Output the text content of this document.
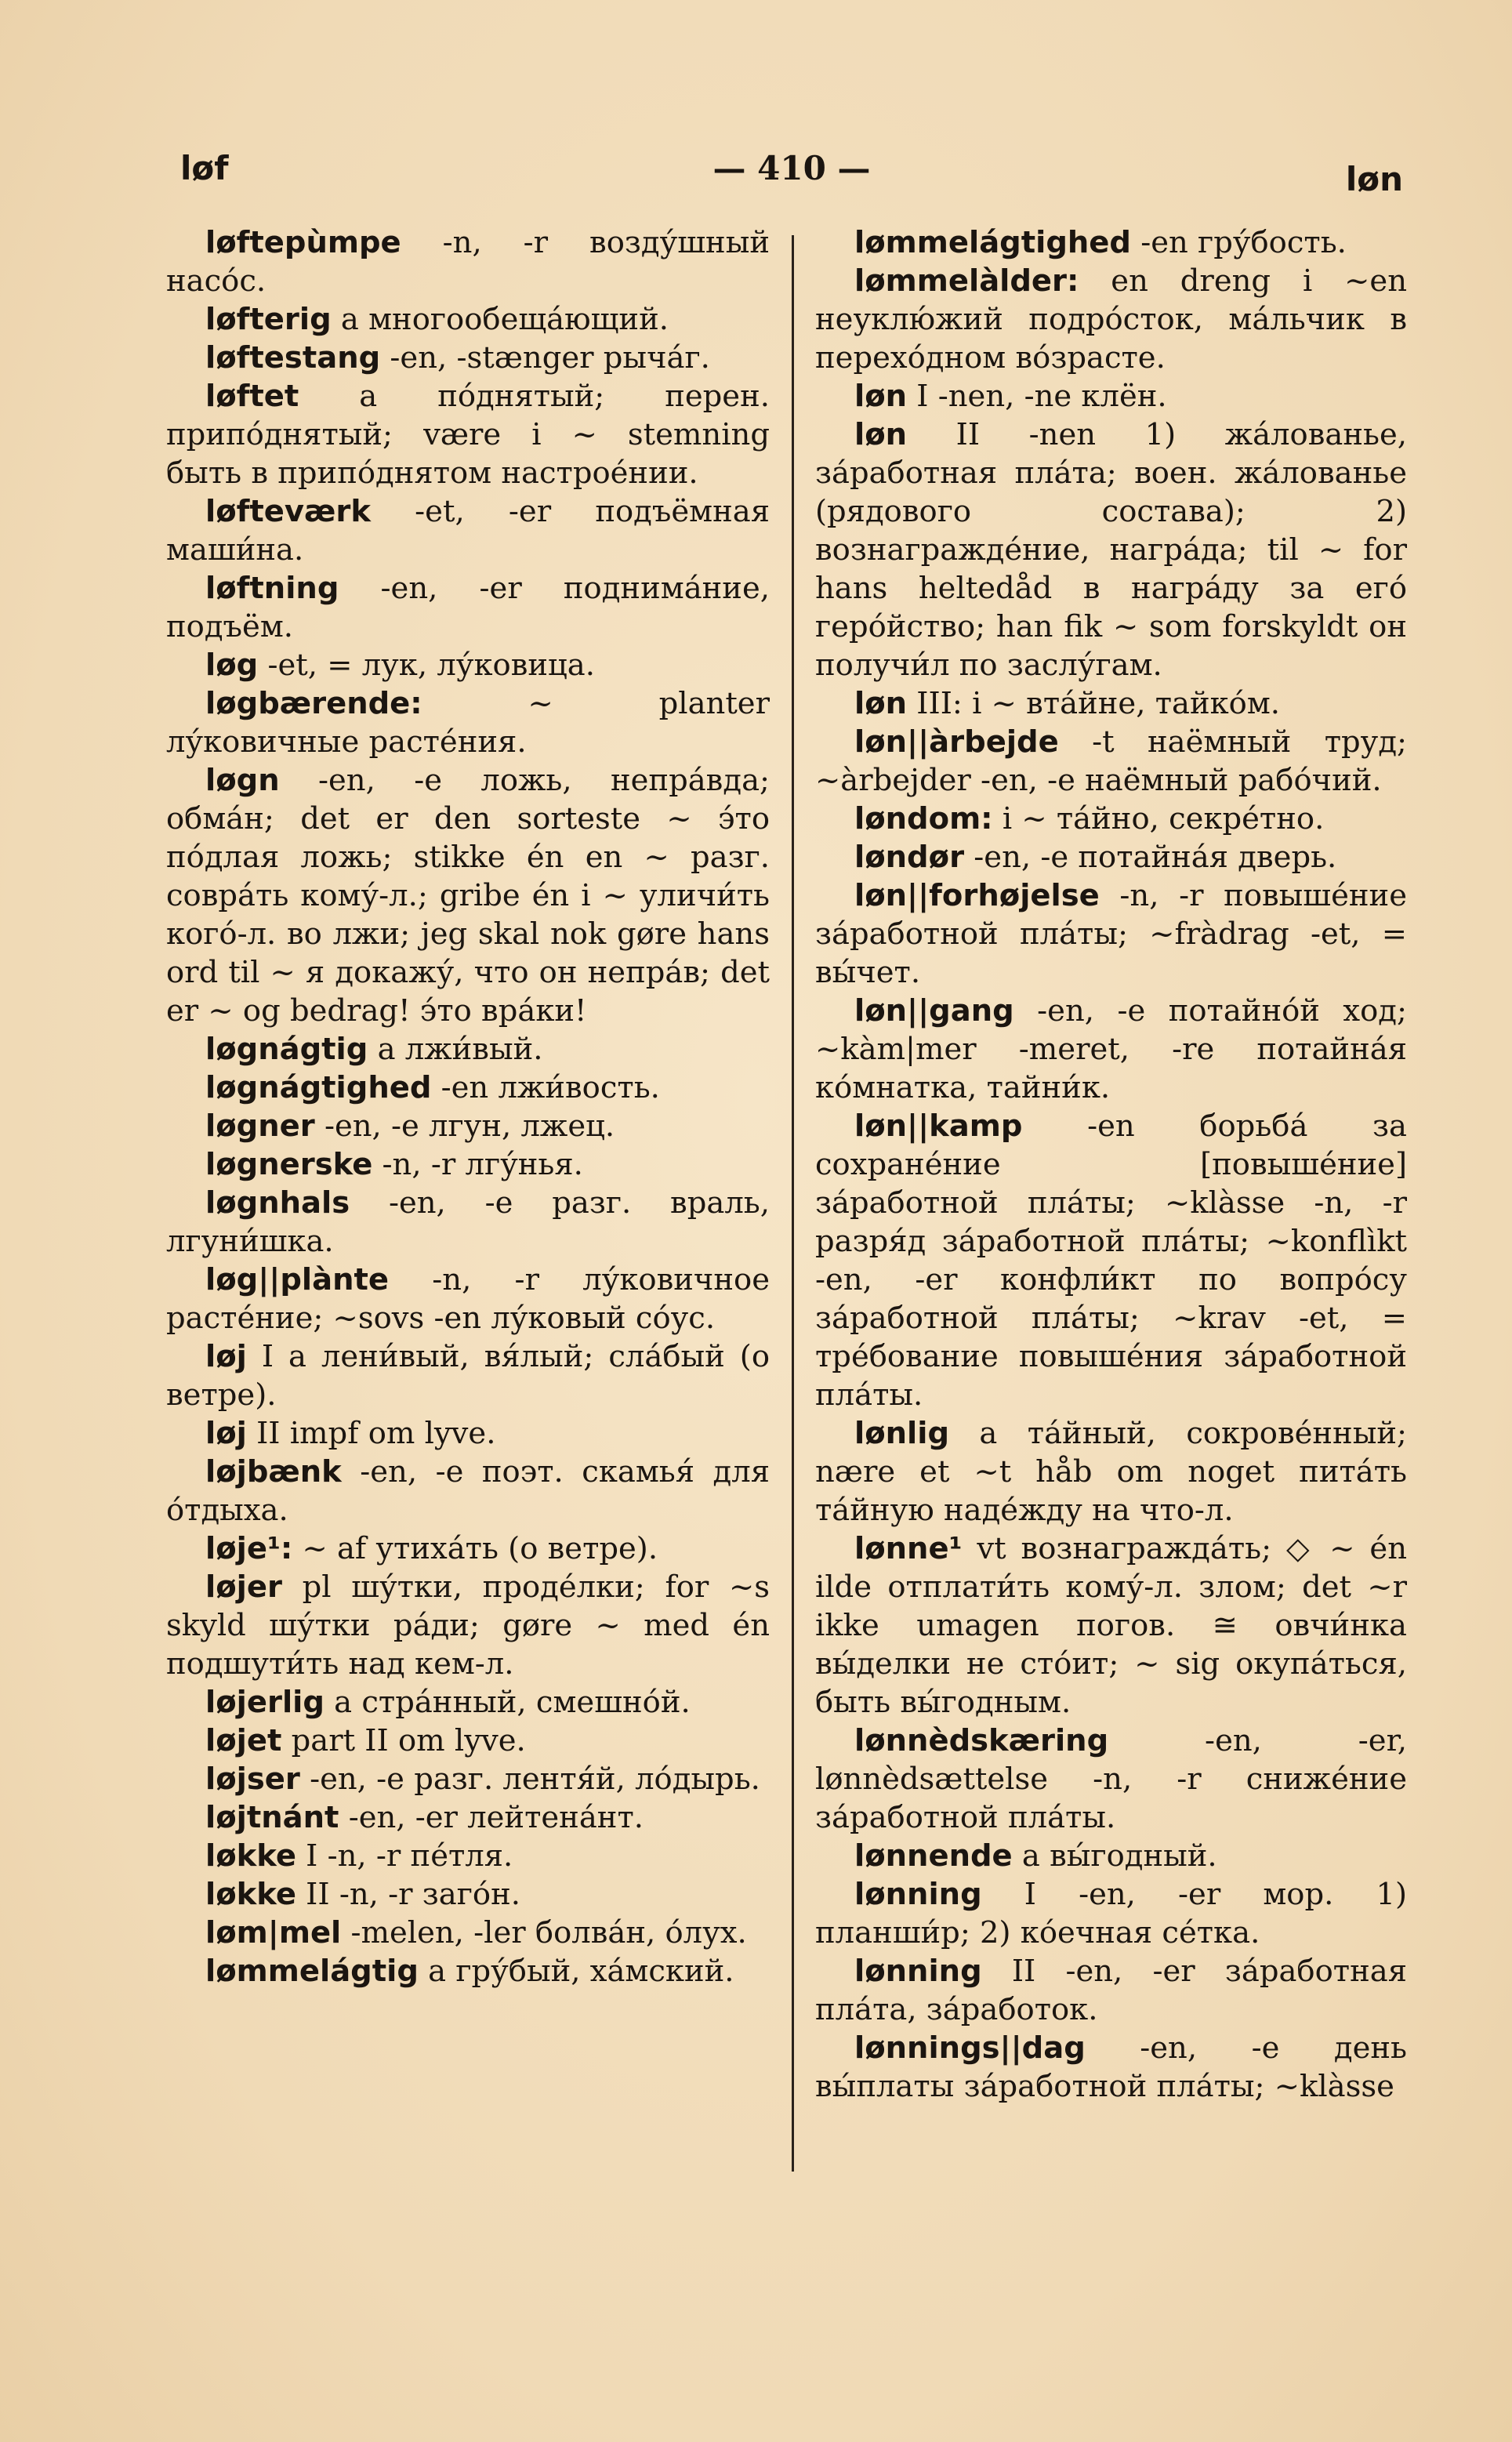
løf	— 410 —	løn

løftepùmpe -n, -r возду́шный насо́с.

løfterig a многообеща́ющий.

løftestang -en, -stænger рыча́г.

løftet a по́днятый; перен. припо́днятый; være i ~ stemning быть в припо́днятом настрое́нии.

løfteværk -et, -er подъёмная маши́на.

løftning -en, -er поднима́ние, подъём.

løg -et, = лук, лу́ковица.

løgbærende: ~ planter лу́ковичные расте́ния.

løgn -en, -e ложь, непра́вда; обма́н; det er den sorteste ~ э́то по́длая ложь; stikke én en ~ разг. совра́ть кому́-л.; gribe én i ~ уличи́ть кого́-л. во лжи; jeg skal nok gøre hans ord til ~ я докажу́, что он непра́в; det er ~ og bedrag! э́то вра́ки!

løgnágtig a лжи́вый.

løgnágtighed -en лжи́вость.

løgner -en, -e лгун, лжец.

løgnerske -n, -r лгу́нья.

løgnhals -en, -e разг. враль, лгуни́шка.

løg||plànte -n, -r лу́ковичное расте́ние; ~sovs -en лу́ковый со́ус.

løj I a лени́вый, вя́лый; сла́бый (о ветре).

løj II impf om lyve.

løjbænk -en, -e поэт. скамья́ для о́тдыха.

løje¹: ~ af утиха́ть (о ветре).

løjer pl шу́тки, проде́лки; for ~s skyld шу́тки ра́ди; gøre ~ med én подшути́ть над кем-л.

løjerlig a стра́нный, смешно́й.

løjet part II om lyve.

løjser -en, -e разг. лентя́й, ло́дырь.

løjtnánt -en, -er лейтена́нт.

løkke I -n, -r пе́тля.

løkke II -n, -r заго́н.

løm|mel -melen, -ler болва́н, о́лух.

lømmelágtig a гру́бый, ха́мский.

lømmelágtighed -en гру́бость.

lømmelàlder: en dreng i ~en неуклю́жий подро́сток, ма́льчик в перехо́дном во́зрасте.

løn I -nen, -ne клён.

løn II -nen 1) жа́лованье, за́работная пла́та; воен. жа́лованье (рядового состава); 2) вознагражде́ние, награ́да; til ~ for hans heltedåd в награ́ду за его́ геро́йство; han fik ~ som forskyldt он получи́л по заслу́гам.

løn III: i ~ вта́йне, тайко́м.

løn||àrbejde -t наёмный труд; ~àrbejder -en, -e наёмный рабо́чий.

løndom: i ~ та́йно, секре́тно.

løndør -en, -e потайна́я дверь.

løn||forhøjelse -n, -r повыше́ние за́работной пла́ты; ~fràdrag -et, = вы́чет.

løn||gang -en, -e потайно́й ход; ~kàm|mer -meret, -re потайна́я ко́мнатка, тайни́к.

løn||kamp -en борьба́ за сохране́ние [повыше́ние] за́работной пла́ты; ~klàsse -n, -r разря́д за́работной пла́ты; ~konflìkt -en, -er конфли́кт по вопро́су за́работной пла́ты; ~krav -et, = тре́бование повыше́ния за́работной пла́ты.

lønlig a та́йный, сокрове́нный; nære et ~t håb om noget пита́ть та́йную наде́жду на что-л.

lønne¹ vt вознагражда́ть; ◇ ~ én ilde отплати́ть кому́-л. злом; det ~r ikke umagen погов. ≅ овчи́нка вы́делки не сто́ит; ~ sig окупа́ться, быть вы́годным.

lønnèdskæring -en, -er, lønnèdsættelse -n, -r сниже́ние за́работной пла́ты.

lønnende a вы́годный.

lønning I -en, -er мор. 1) планши́р; 2) ко́ечная се́тка.

lønning II -en, -er за́работная пла́та, за́работок.

lønnings||dag -en, -e день вы́платы за́работной пла́ты; ~klàsse
